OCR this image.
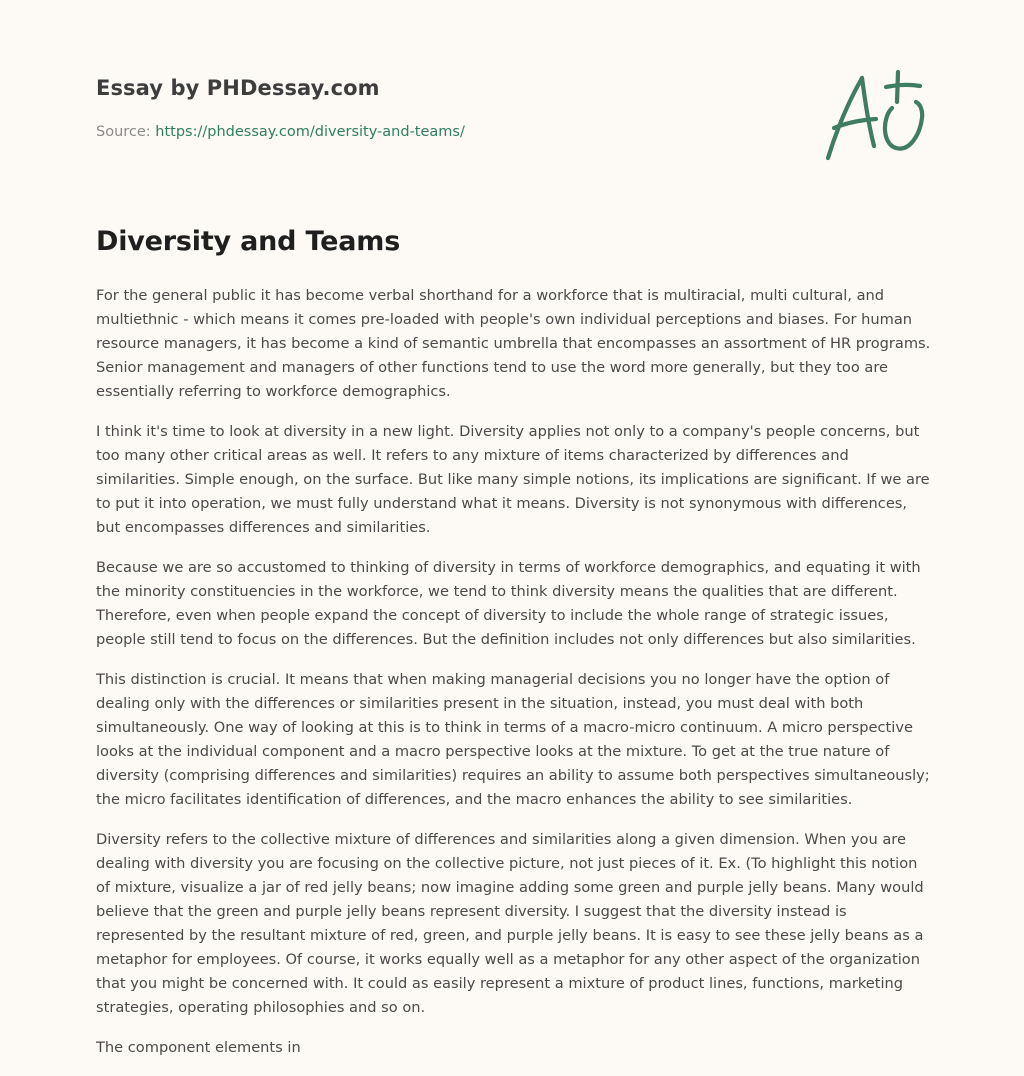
Essay by PHDessay.com
Source: https://phdessay.com/diversity-and-teams/
Diversity and Teams

For the general public it has become verbal shorthand for a workforce that is multiracial, multi cultural, and multiethnic - which means it comes pre-loaded with people's own individual perceptions and biases. For human resource managers, it has become a kind of semantic umbrella that encompasses an assortment of HR programs. Senior management and managers of other functions tend to use the word more generally, but they too are essentially referring to workforce demographics.

I think it's time to look at diversity in a new light. Diversity applies not only to a company's people concerns, but too many other critical areas as well. It refers to any mixture of items characterized by differences and similarities. Simple enough, on the surface. But like many simple notions, its implications are significant. If we are to put it into operation, we must fully understand what it means. Diversity is not synonymous with differences, but encompasses differences and similarities.

Because we are so accustomed to thinking of diversity in terms of workforce demographics, and equating it with the minority constituencies in the workforce, we tend to think diversity means the qualities that are different. Therefore, even when people expand the concept of diversity to include the whole range of strategic issues, people still tend to focus on the differences. But the definition includes not only differences but also similarities.

This distinction is crucial. It means that when making managerial decisions you no longer have the option of dealing only with the differences or similarities present in the situation, instead, you must deal with both simultaneously. One way of looking at this is to think in terms of a macro-micro continuum. A micro perspective looks at the individual component and a macro perspective looks at the mixture. To get at the true nature of diversity (comprising differences and similarities) requires an ability to assume both perspectives simultaneously; the micro facilitates identification of differences, and the macro enhances the ability to see similarities.

Diversity refers to the collective mixture of differences and similarities along a given dimension. When you are dealing with diversity you are focusing on the collective picture, not just pieces of it. Ex. (To highlight this notion of mixture, visualize a jar of red jelly beans; now imagine adding some green and purple jelly beans. Many would believe that the green and purple jelly beans represent diversity. I suggest that the diversity instead is represented by the resultant mixture of red, green, and purple jelly beans. It is easy to see these jelly beans as a metaphor for employees. Of course, it works equally well as a metaphor for any other aspect of the organization that you might be concerned with. It could as easily represent a mixture of product lines, functions, marketing strategies, operating philosophies and so on.

The component elements in
